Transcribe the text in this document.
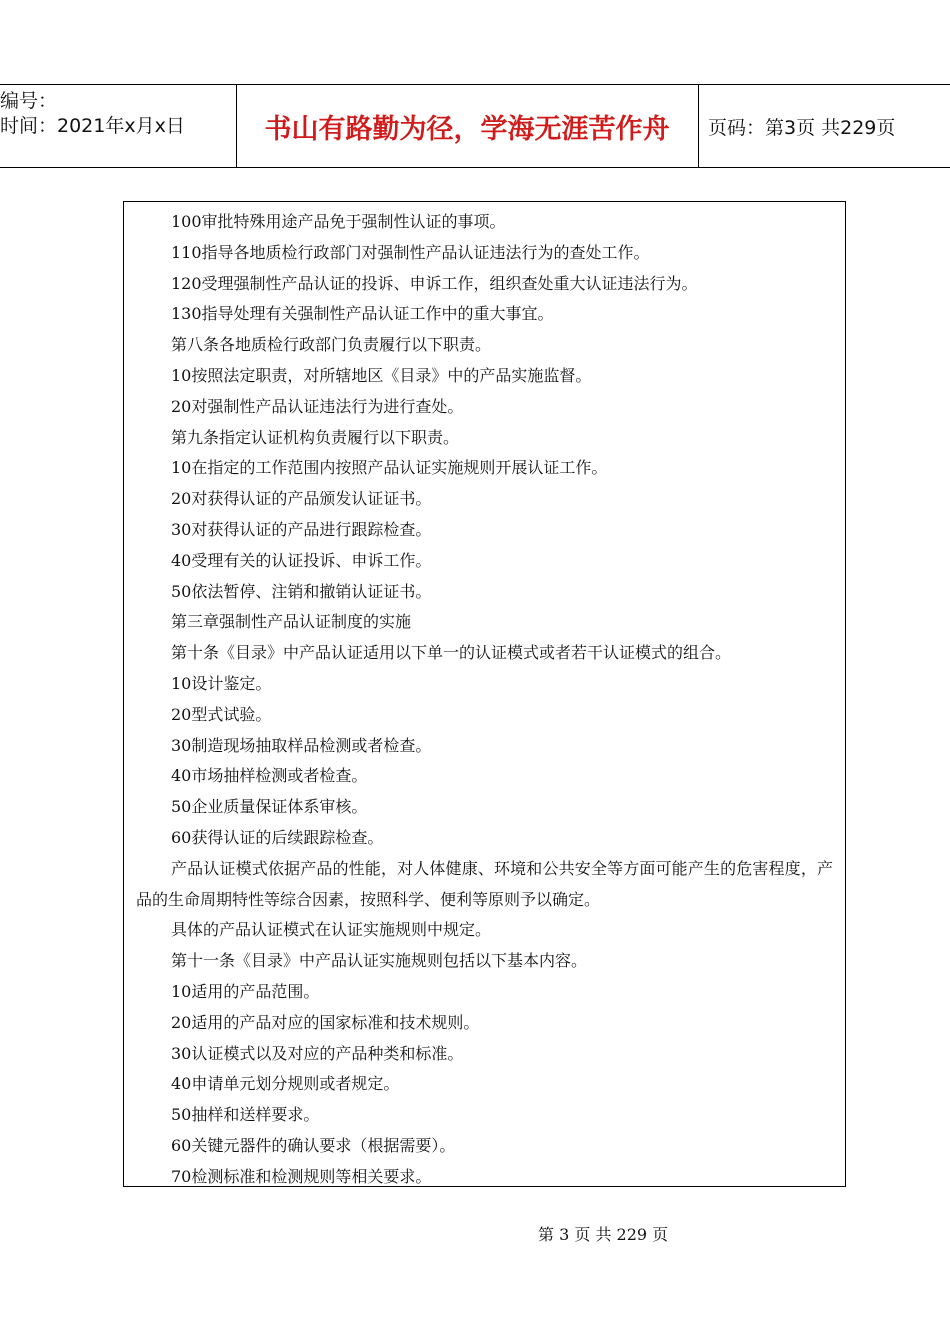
编号：
时间：2021年x月x日	书山有路勤为径，学海无涯苦作舟	页码：第3页 共229页

100审批特殊用途产品免于强制性认证的事项。

110指导各地质检行政部门对强制性产品认证违法行为的查处工作。

120受理强制性产品认证的投诉、申诉工作，组织查处重大认证违法行为。

130指导处理有关强制性产品认证工作中的重大事宜。

第八条各地质检行政部门负责履行以下职责。

10按照法定职责，对所辖地区《目录》中的产品实施监督。

20对强制性产品认证违法行为进行查处。

第九条指定认证机构负责履行以下职责。

10在指定的工作范围内按照产品认证实施规则开展认证工作。

20对获得认证的产品颁发认证证书。

30对获得认证的产品进行跟踪检查。

40受理有关的认证投诉、申诉工作。

50依法暂停、注销和撤销认证证书。

第三章强制性产品认证制度的实施

第十条《目录》中产品认证适用以下单一的认证模式或者若干认证模式的组合。

10设计鉴定。

20型式试验。

30制造现场抽取样品检测或者检查。

40市场抽样检测或者检查。

50企业质量保证体系审核。

60获得认证的后续跟踪检查。

产品认证模式依据产品的性能，对人体健康、环境和公共安全等方面可能产生的危害程度，产品的生命周期特性等综合因素，按照科学、便利等原则予以确定。

具体的产品认证模式在认证实施规则中规定。

第十一条《目录》中产品认证实施规则包括以下基本内容。

10适用的产品范围。

20适用的产品对应的国家标准和技术规则。

30认证模式以及对应的产品种类和标准。

40申请单元划分规则或者规定。

50抽样和送样要求。

60关键元器件的确认要求（根据需要）。

70检测标准和检测规则等相关要求。

第 3 页 共 229 页
